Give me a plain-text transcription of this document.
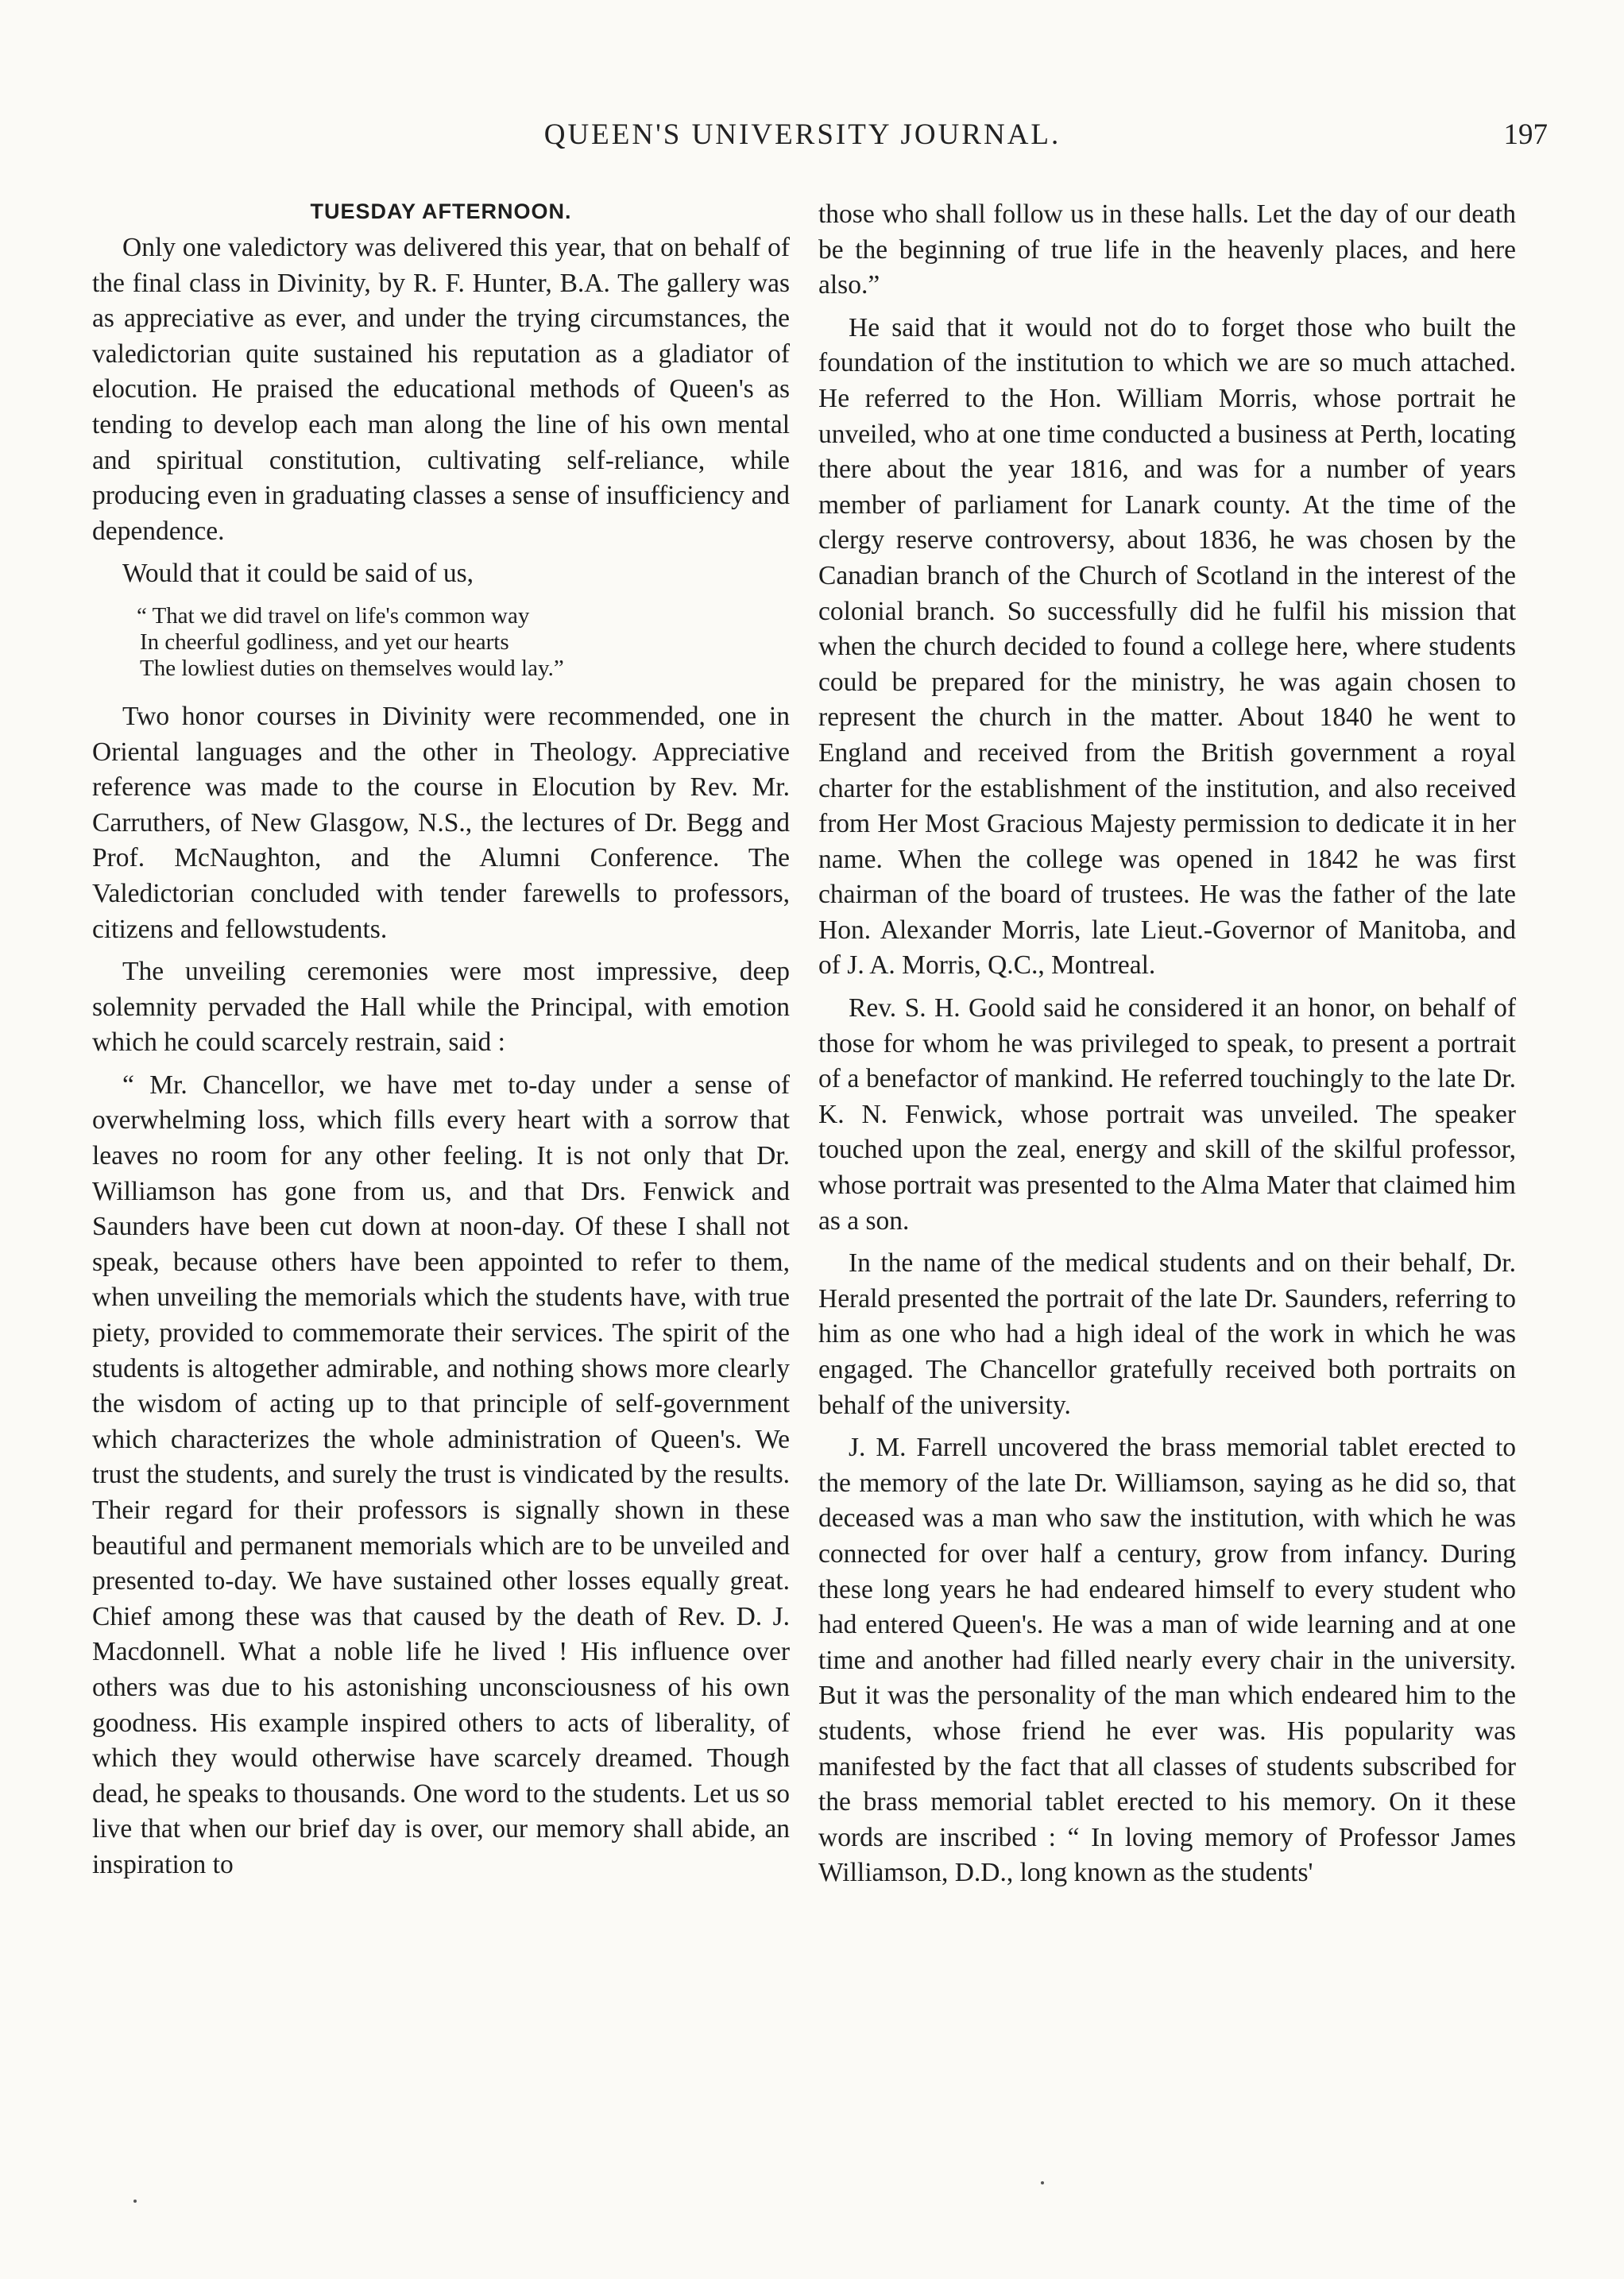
QUEEN'S UNIVERSITY JOURNAL.	197
TUESDAY AFTERNOON.

Only one valedictory was delivered this year, that on behalf of the final class in Divinity, by R. F. Hunter, B.A. The gallery was as appreciative as ever, and under the trying circumstances, the valedictorian quite sustained his reputation as a gladiator of elocution. He praised the educational methods of Queen's as tending to develop each man along the line of his own mental and spiritual constitution, cultivating self-reliance, while producing even in graduating classes a sense of insufficiency and dependence.

Would that it could be said of us,

“ That we did travel on life's common way
In cheerful godliness, and yet our hearts
The lowliest duties on themselves would lay.”

Two honor courses in Divinity were recommended, one in Oriental languages and the other in Theology. Appreciative reference was made to the course in Elocution by Rev. Mr. Carruthers, of New Glasgow, N.S., the lectures of Dr. Begg and Prof. McNaughton, and the Alumni Conference. The Valedictorian concluded with tender farewells to professors, citizens and fellowstudents.

The unveiling ceremonies were most impressive, deep solemnity pervaded the Hall while the Principal, with emotion which he could scarcely restrain, said :

“ Mr. Chancellor, we have met to-day under a sense of overwhelming loss, which fills every heart with a sorrow that leaves no room for any other feeling. It is not only that Dr. Williamson has gone from us, and that Drs. Fenwick and Saunders have been cut down at noon-day. Of these I shall not speak, because others have been appointed to refer to them, when unveiling the memorials which the students have, with true piety, provided to commemorate their services. The spirit of the students is altogether admirable, and nothing shows more clearly the wisdom of acting up to that principle of self-government which characterizes the whole administration of Queen's. We trust the students, and surely the trust is vindicated by the results. Their regard for their professors is signally shown in these beautiful and permanent memorials which are to be unveiled and presented to-day. We have sustained other losses equally great. Chief among these was that caused by the death of Rev. D. J. Macdonnell. What a noble life he lived ! His influence over others was due to his astonishing unconsciousness of his own goodness. His example inspired others to acts of liberality, of which they would otherwise have scarcely dreamed. Though dead, he speaks to thousands. One word to the students. Let us so live that when our brief day is over, our memory shall abide, an inspiration to

those who shall follow us in these halls. Let the day of our death be the beginning of true life in the heavenly places, and here also.”

He said that it would not do to forget those who built the foundation of the institution to which we are so much attached. He referred to the Hon. William Morris, whose portrait he unveiled, who at one time conducted a business at Perth, locating there about the year 1816, and was for a number of years member of parliament for Lanark county. At the time of the clergy reserve controversy, about 1836, he was chosen by the Canadian branch of the Church of Scotland in the interest of the colonial branch. So successfully did he fulfil his mission that when the church decided to found a college here, where students could be prepared for the ministry, he was again chosen to represent the church in the matter. About 1840 he went to England and received from the British government a royal charter for the establishment of the institution, and also received from Her Most Gracious Majesty permission to dedicate it in her name. When the college was opened in 1842 he was first chairman of the board of trustees. He was the father of the late Hon. Alexander Morris, late Lieut.-Governor of Manitoba, and of J. A. Morris, Q.C., Montreal.

Rev. S. H. Goold said he considered it an honor, on behalf of those for whom he was privileged to speak, to present a portrait of a benefactor of mankind. He referred touchingly to the late Dr. K. N. Fenwick, whose portrait was unveiled. The speaker touched upon the zeal, energy and skill of the skilful professor, whose portrait was presented to the Alma Mater that claimed him as a son.

In the name of the medical students and on their behalf, Dr. Herald presented the portrait of the late Dr. Saunders, referring to him as one who had a high ideal of the work in which he was engaged. The Chancellor gratefully received both portraits on behalf of the university.

J. M. Farrell uncovered the brass memorial tablet erected to the memory of the late Dr. Williamson, saying as he did so, that deceased was a man who saw the institution, with which he was connected for over half a century, grow from infancy. During these long years he had endeared himself to every student who had entered Queen's. He was a man of wide learning and at one time and another had filled nearly every chair in the university. But it was the personality of the man which endeared him to the students, whose friend he ever was. His popularity was manifested by the fact that all classes of students subscribed for the brass memorial tablet erected to his memory. On it these words are inscribed : “ In loving memory of Professor James Williamson, D.D., long known as the students'
